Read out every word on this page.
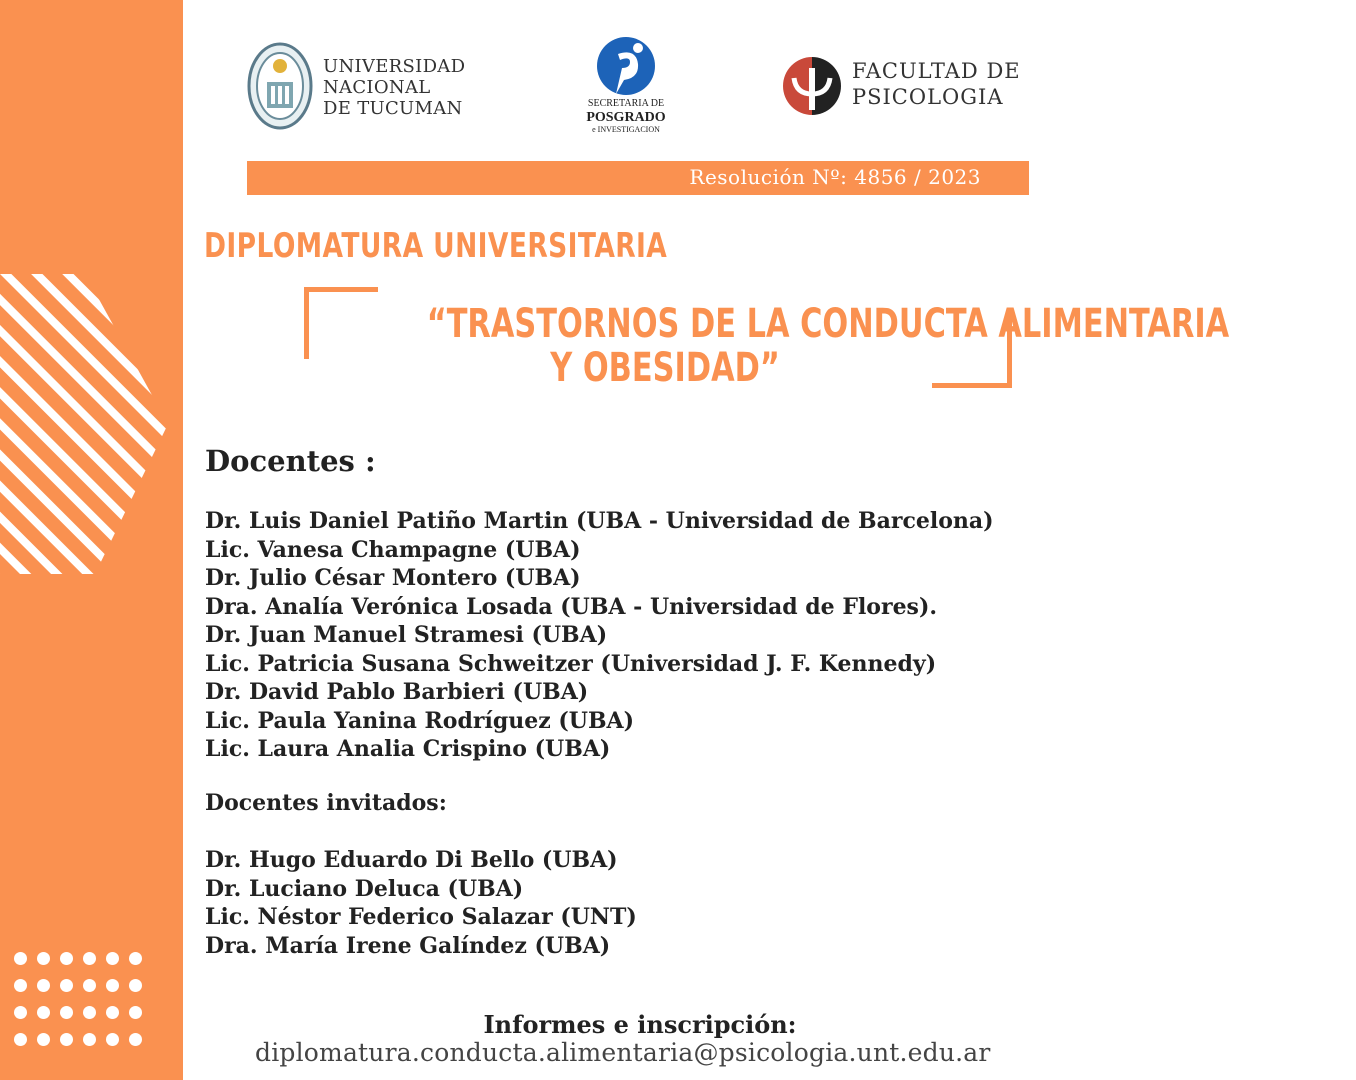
UNIVERSIDAD
NACIONAL
DE TUCUMAN	SECRETARIA DE
POSGRADO
e INVESTIGACION
FACULTAD DE
PSICOLOGIA
Resolución Nº: 4856 / 2023
DIPLOMATURA UNIVERSITARIA
“TRASTORNOS DE LA CONDUCTA ALIMENTARIA
Y OBESIDAD”
Docentes :
Dr. Luis Daniel Patiño Martin (UBA - Universidad de Barcelona)
Lic. Vanesa Champagne (UBA)
Dr. Julio César Montero (UBA)
Dra. Analía Verónica Losada (UBA - Universidad de Flores).
Dr. Juan Manuel Stramesi (UBA)
Lic. Patricia Susana Schweitzer (Universidad J. F. Kennedy)
Dr. David Pablo Barbieri (UBA)
Lic. Paula Yanina Rodríguez (UBA)
Lic. Laura Analia Crispino (UBA)
Docentes invitados:
Dr. Hugo Eduardo Di Bello (UBA)
Dr. Luciano Deluca (UBA)
Lic. Néstor Federico Salazar (UNT)
Dra. María Irene Galíndez (UBA)
Informes e inscripción:
diplomatura.conducta.alimentaria@psicologia.unt.edu.ar
